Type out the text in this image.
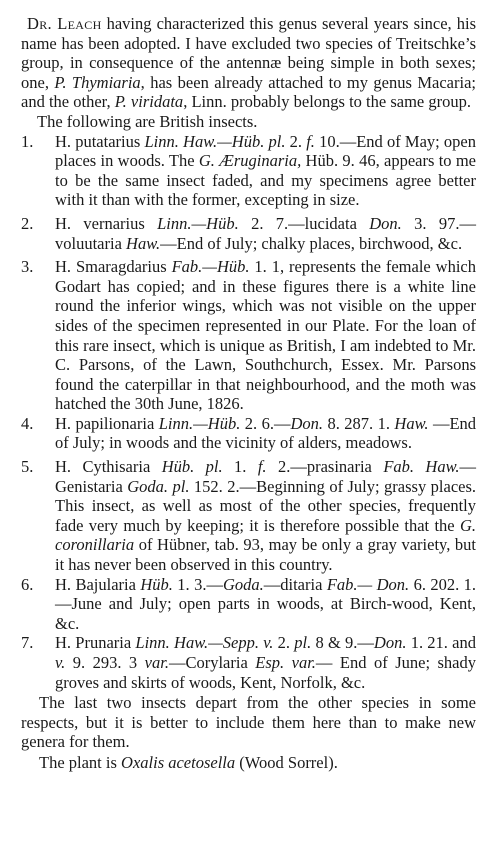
Dr. Leach having characterized this genus several years since, his name has been adopted. I have excluded two species of Treitschke’s group, in consequence of the antennæ being simple in both sexes; one, P. Thymiaria, has been already attached to my genus Macaria; and the other, P. viridata, Linn. probably belongs to the same group.

The following are British insects.

1. H. putatarius Linn. Haw.—Hüb. pl. 2. f. 10.—End of May; open places in woods. The G. Æruginaria, Hüb. 9. 46, appears to me to be the same insect faded, and my specimens agree better with it than with the former, excepting in size.

2. H. vernarius Linn.—Hüb. 2. 7.—lucidata Don. 3. 97.—voluutaria Haw.—End of July; chalky places, birchwood, &c.

3. H. Smaragdarius Fab.—Hüb. 1. 1, represents the female which Godart has copied; and in these figures there is a white line round the inferior wings, which was not visible on the upper sides of the specimen represented in our Plate. For the loan of this rare insect, which is unique as British, I am indebted to Mr. C. Parsons, of the Lawn, Southchurch, Essex. Mr. Parsons found the caterpillar in that neighbourhood, and the moth was hatched the 30th June, 1826.

4. H. papilionaria Linn.—Hüb. 2. 6.—Don. 8. 287. 1. Haw. —End of July; in woods and the vicinity of alders, meadows.

5. H. Cythisaria Hüb. pl. 1. f. 2.—prasinaria Fab. Haw.— Genistaria Goda. pl. 152. 2.—Beginning of July; grassy places. This insect, as well as most of the other species, frequently fade very much by keeping; it is therefore possible that the G. coronillaria of Hübner, tab. 93, may be only a gray variety, but it has never been observed in this country.

6. H. Bajularia Hüb. 1. 3.—Goda.—ditaria Fab.— Don. 6. 202. 1.—June and July; open parts in woods, at Birch-wood, Kent, &c.

7. H. Prunaria Linn. Haw.—Sepp. v. 2. pl. 8 & 9.—Don. 1. 21. and v. 9. 293. 3 var.—Corylaria Esp. var.— End of June; shady groves and skirts of woods, Kent, Norfolk, &c.

The last two insects depart from the other species in some respects, but it is better to include them here than to make new genera for them.

The plant is Oxalis acetosella (Wood Sorrel).
